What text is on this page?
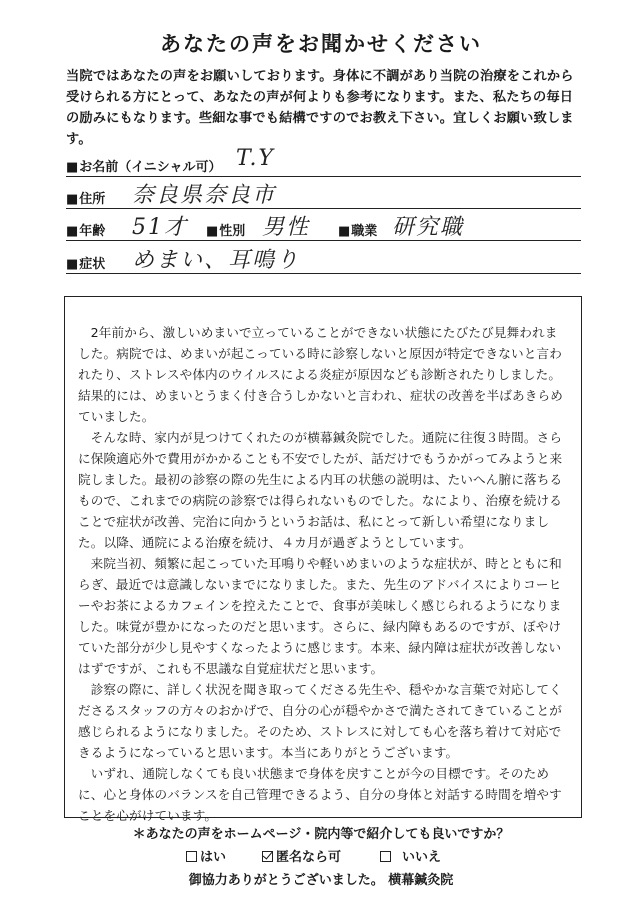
あなたの声をお聞かせください
当院ではあなたの声をお願いしております。身体に不調があり当院の治療をこれから受けられる方にとって、あなたの声が何よりも参考になります。また、私たちの毎日の励みにもなります。些細な事でも結構ですのでお教え下さい。宜しくお願い致します。
■ お名前（イニシャル可） T.Y
■ 住所 奈良県奈良市
■ 年齢 51才	■ 性別 男性	■ 職業 研究職
■ 症状 めまい、耳鳴り

2年前から、激しいめまいで立っていることができない状態にたびたび見舞われました。病院では、めまいが起こっている時に診察しないと原因が特定できないと言われたり、ストレスや体内のウイルスによる炎症が原因なども診断されたりしました。結果的には、めまいとうまく付き合うしかないと言われ、症状の改善を半ばあきらめていました。

そんな時、家内が見つけてくれたのが横幕鍼灸院でした。通院に往復３時間。さらに保険適応外で費用がかかることも不安でしたが、話だけでもうかがってみようと来院しました。最初の診察の際の先生による内耳の状態の説明は、たいへん腑に落ちるもので、これまでの病院の診察では得られないものでした。なにより、治療を続けることで症状が改善、完治に向かうというお話は、私にとって新しい希望になりました。以降、通院による治療を続け、４カ月が過ぎようとしています。

来院当初、頻繁に起こっていた耳鳴りや軽いめまいのような症状が、時とともに和らぎ、最近では意識しないまでになりました。また、先生のアドバイスによりコーヒーやお茶によるカフェインを控えたことで、食事が美味しく感じられるようになりました。味覚が豊かになったのだと思います。さらに、緑内障もあるのですが、ぼやけていた部分が少し見やすくなったように感じます。本来、緑内障は症状が改善しないはずですが、これも不思議な自覚症状だと思います。

診察の際に、詳しく状況を聞き取ってくださる先生や、穏やかな言葉で対応してくださるスタッフの方々のおかげで、自分の心が穏やかさで満たされてきていることが感じられるようになりました。そのため、ストレスに対しても心を落ち着けて対応できるようになっていると思います。本当にありがとうございます。

いずれ、通院しなくても良い状態まで身体を戻すことが今の目標です。そのために、心と身体のバランスを自己管理できるよう、自分の身体と対話する時間を増やすことを心がけています。

＊あなたの声をホームページ・院内等で紹介しても良いですか？
はい	匿名なら可	いいえ
御協力ありがとうございました。 横幕鍼灸院
